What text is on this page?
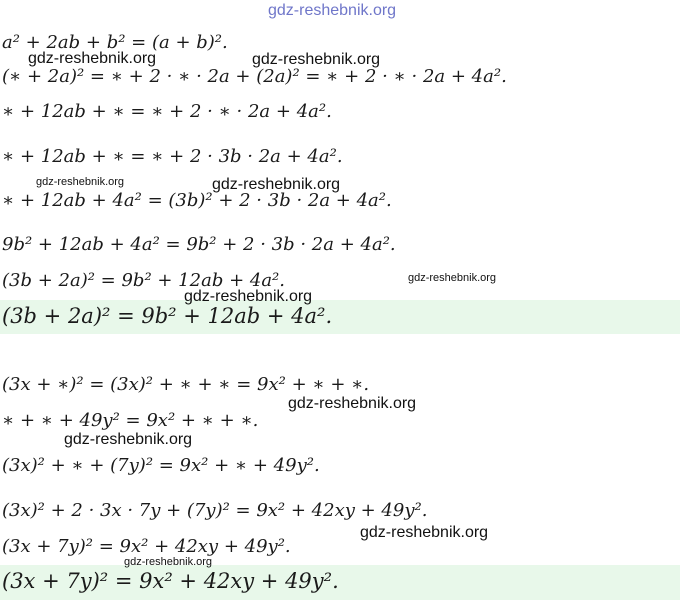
gdz-reshebnik.org
a² + 2ab + b² = (a + b)².
(∗ + 2a)² = ∗ + 2 · ∗ · 2a + (2a)² = ∗ + 2 · ∗ · 2a + 4a².
∗ + 12ab + ∗ = ∗ + 2 · ∗ · 2a + 4a².
∗ + 12ab + ∗ = ∗ + 2 · 3b · 2a + 4a².
∗ + 12ab + 4a² = (3b)² + 2 · 3b · 2a + 4a².
9b² + 12ab + 4a² = 9b² + 2 · 3b · 2a + 4a².
(3b + 2a)² = 9b² + 12ab + 4a².
(3b + 2a)² = 9b² + 12ab + 4a².
(3x + ∗)² = (3x)² + ∗ + ∗ = 9x² + ∗ + ∗.
∗ + ∗ + 49y² = 9x² + ∗ + ∗.
(3x)² + ∗ + (7y)² = 9x² + ∗ + 49y².
(3x)² + 2 · 3x · 7y + (7y)² = 9x² + 42xy + 49y².
(3x + 7y)² = 9x² + 42xy + 49y².
(3x + 7y)² = 9x² + 42xy + 49y².
gdz-reshebnik.org	gdz-reshebnik.org
gdz-reshebnik.org	gdz-reshebnik.org
gdz-reshebnik.org
gdz-reshebnik.org
gdz-reshebnik.org
gdz-reshebnik.org
gdz-reshebnik.org
gdz-reshebnik.org
